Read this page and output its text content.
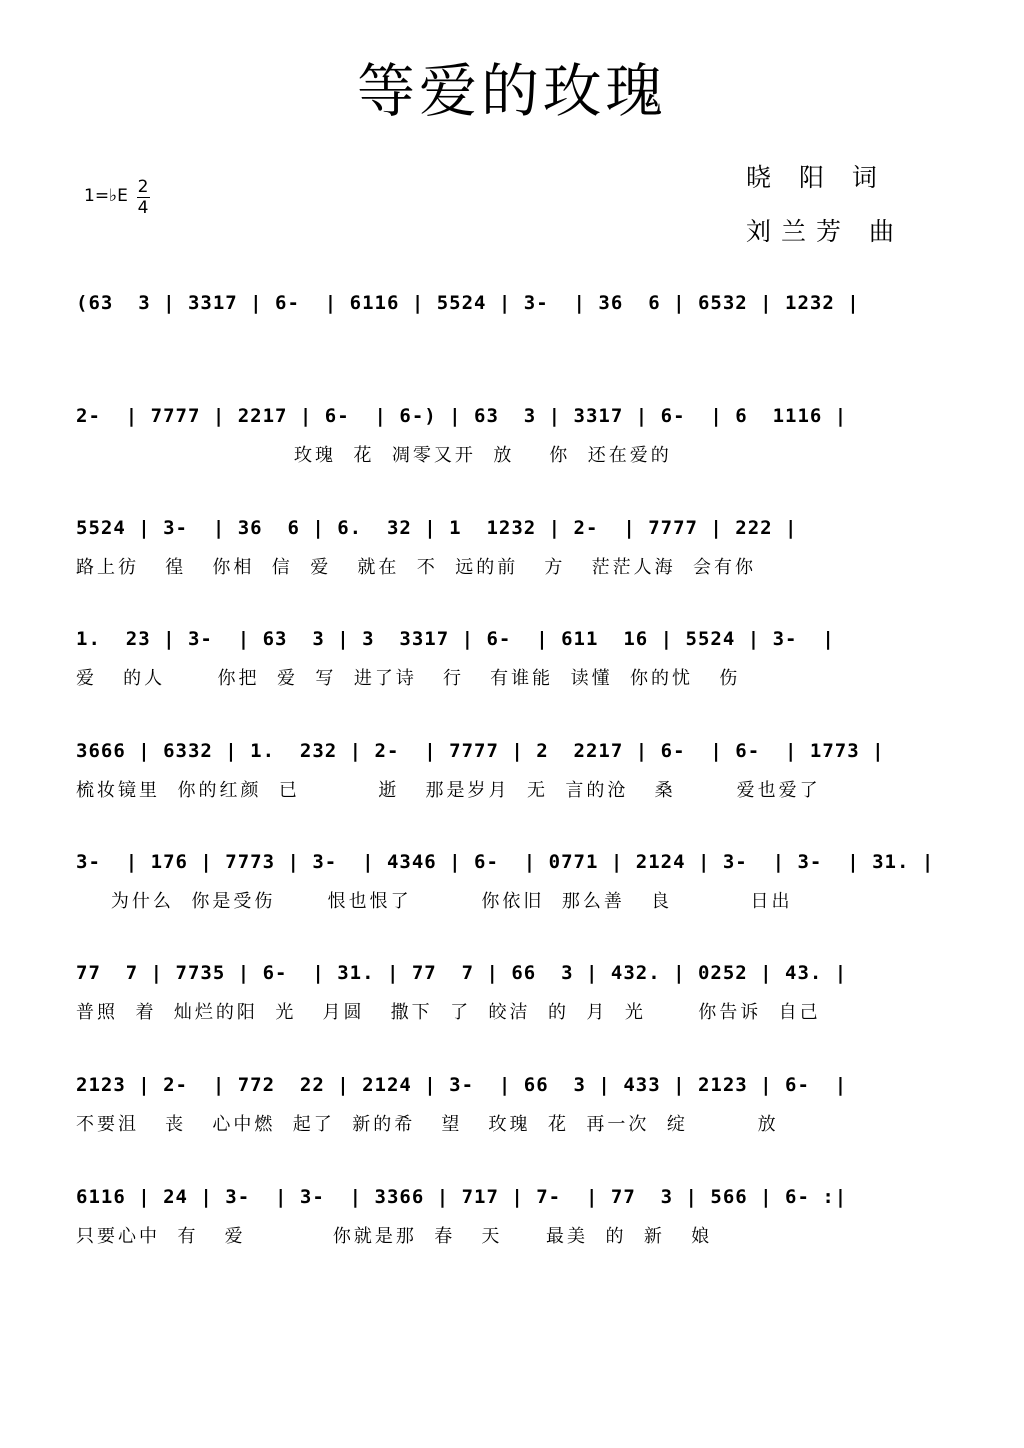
等爱的玫瑰
1=♭E 2
4
晓 阳 词
刘兰芳 曲
(63  3 | 3317 | 6-  | 6116 | 5524 | 3-  | 36  6 | 6532 | 1232 |
2-  | 7777 | 2217 | 6-  | 6-) | 63  3 | 3317 | 6-  | 6  1116 |
玫瑰  花  凋零又开  放    你  还在爱的
5524 | 3-  | 36  6 | 6.  32 | 1  1232 | 2-  | 7777 | 222 |
路上彷   徨   你相  信  爱   就在  不  远的前   方   茫茫人海  会有你
1.  23 | 3-  | 63  3 | 3  3317 | 6-  | 611  16 | 5524 | 3-  |
爱   的人      你把  爱  写  进了诗   行   有谁能  读懂  你的忧   伤
3666 | 6332 | 1.  232 | 2-  | 7777 | 2  2217 | 6-  | 6-  | 1773 |
梳妆镜里  你的红颜  已         逝   那是岁月  无  言的沧   桑       爱也爱了
3-  | 176 | 7773 | 3-  | 4346 | 6-  | 0771 | 2124 | 3-  | 3-  | 31. |
为什么  你是受伤      恨也恨了        你依旧  那么善   良         日出
77  7 | 7735 | 6-  | 31. | 77  7 | 66  3 | 432. | 0252 | 43. |
普照  着  灿烂的阳  光   月圆   撒下  了  皎洁  的  月  光      你告诉  自己
2123 | 2-  | 772  22 | 2124 | 3-  | 66  3 | 433 | 2123 | 6-  |
不要沮   丧   心中燃  起了  新的希   望   玫瑰  花  再一次  绽        放
6116 | 24 | 3-  | 3-  | 3366 | 717 | 7-  | 77  3 | 566 | 6- :|
只要心中  有   爱          你就是那  春   天     最美  的  新   娘
